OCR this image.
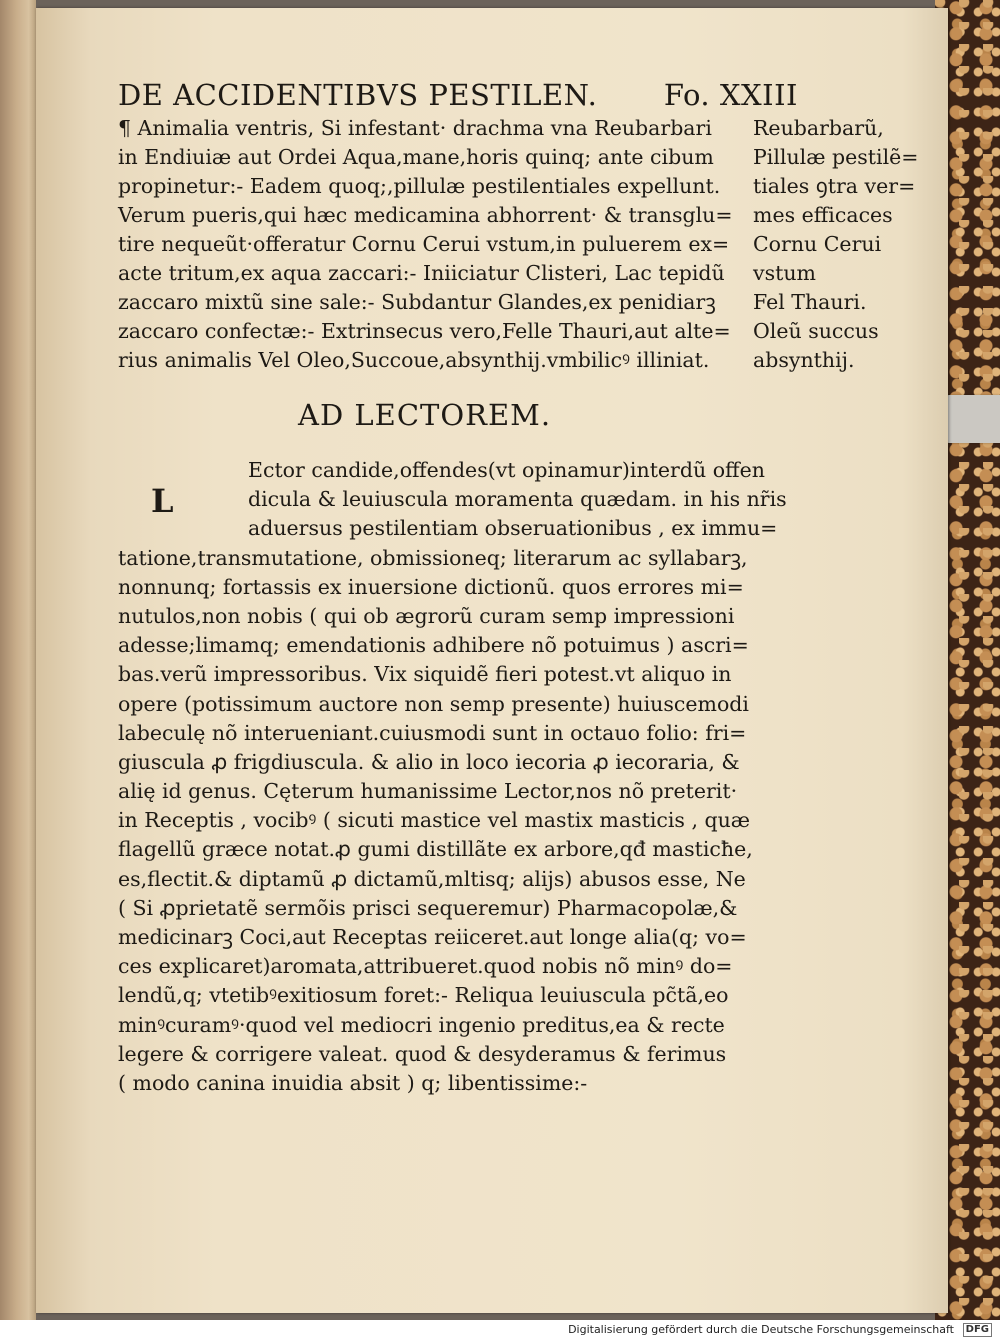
DE ACCIDENTIBVS PESTILEN. Fo. XXIII
¶ Animalia ventris, Si infestant· drachma vna Reubarbari
in Endiuiæ aut Ordei Aqua,mane,horis quinq; ante cibum
propinetur:- Eadem quoq;,pillulæ pestilentiales expellunt.
Verum pueris,qui hæc medicamina abhorrent· & transglu=
tire nequeũt·offeratur Cornu Cerui vstum,in puluerem ex=
acte tritum,ex aqua zaccari:- Iniiciatur Clisteri, Lac tepidũ
zaccaro mixtũ sine sale:- Subdantur Glandes,ex penidiarꝫ
zaccaro confectæ:- Extrinsecus vero,Felle Thauri,aut alte=
rius animalis Vel Oleo,Succoue,absynthij.vmbilicꝰ illiniat.
Reubarbarũ,
Pillulæ pestilẽ=
tiales ꝯtra ver=
mes efficaces
Cornu Cerui
vstum
Fel Thauri.
Oleũ succus
absynthij.
AD LECTOREM.
L
Ector candide,offendes(vt opinamur)interdũ offen
dicula & leuiuscula moramenta quædam. in his nr̃is
aduersus pestilentiam obseruationibus , ex immu=
tatione,transmutatione, obmissioneq; literarum ac syllabarꝫ,
nonnunq; fortassis ex inuersione dictionũ. quos errores mi=
nutulos,non nobis ( qui ob ægrorũ curam semp impressioni
adesse;limamq; emendationis adhibere nõ potuimus ) ascri=
bas.verũ impressoribus. Vix siquidẽ fieri potest.vt aliquo in
opere (potissimum auctore non semp presente) huiuscemodi
labeculę nõ interueniant.cuiusmodi sunt in octauo folio: fri=
giuscula ꝓ frigdiuscula. & alio in loco iecoria ꝓ iecoraria, &
alię id genus. Cęterum humanissime Lector,nos nõ preterit·
in Receptis , vocibꝰ ( sicuti mastice vel mastix masticis , quæ
flagellũ græce notat.ꝓ gumi distillãte ex arbore,qđ masticħe,
es,flectit.& diptamũ ꝓ dictamũ,mltisq; alijs) abusos esse, Ne
( Si ꝓprietatẽ sermõis prisci sequeremur) Pharmacopolæ,&
medicinarꝫ Coci,aut Receptas reiiceret.aut longe alia(q; vo=
ces explicaret)aromata,attribueret.quod nobis nõ minꝰ do=
lendũ,q; vtetibꝰexitiosum foret:- Reliqua leuiuscula pc̃tã,eo
minꝰcuramꝰ·quod vel mediocri ingenio preditus,ea & recte
legere & corrigere valeat. quod & desyderamus & ferimus
( modo canina inuidia absit ) q; libentissime:-
Digitalisierung gefördert durch die Deutsche Forschungsgemeinschaft	DFG
